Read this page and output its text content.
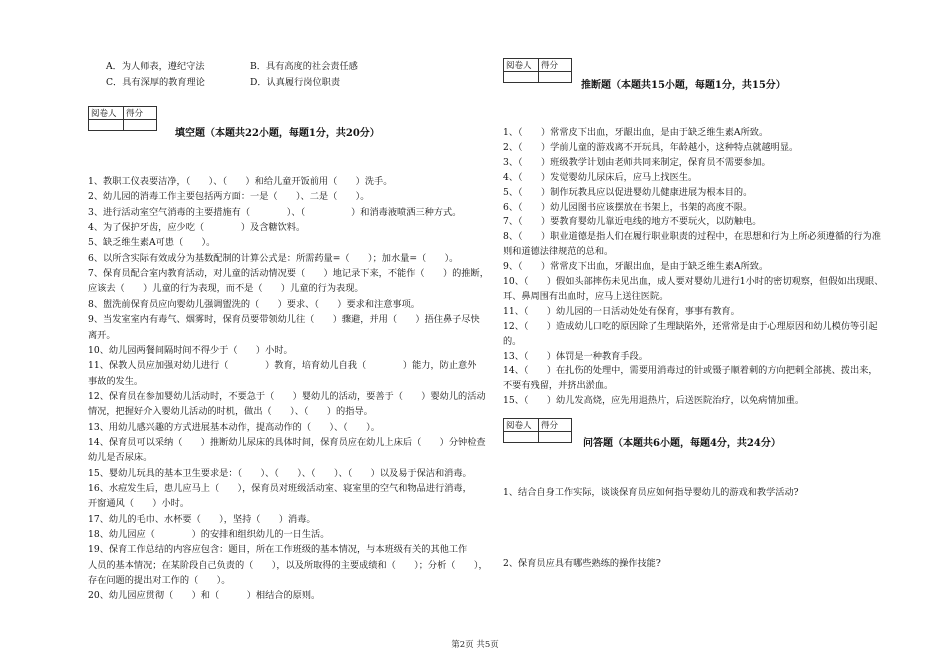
A．为人师表，遵纪守法	B．具有高度的社会责任感
C．具有深厚的教育理论	D．认真履行岗位职责
阅卷人	得分

填空题（本题共22小题，每题1分，共20分）
1、教职工仪表要洁净，（　　）、（　　）和给儿童开饭前用（　　）洗手。
2、幼儿园的消毒工作主要包括两方面：一是（　　）、二是（　　）。
3、进行活动室空气消毒的主要措施有（　　　　）、（　　　　　）和消毒液喷洒三种方式。
4、为了保护牙齿，应少吃（　　　　）及含糖饮料。
5、缺乏维生素A可患（　　）。
6、以所含实际有效成分为基数配制的计算公式是：所需药量=（　　）；加水量=（　　）。
7、保育员配合室内教育活动，对儿童的活动情况要（　　）地记录下来，不能作（　　）的推断，
应该去（　　）儿童的行为表现，而不是（　　）儿童的行为表现。
8、盥洗前保育员应向婴幼儿强调盥洗的（　　）要求、（　　）要求和注意事项。
9、当发室室内有毒气、烟雾时，保育员要带领幼儿往（　　）骤避，并用（　　）捂住鼻子尽快
离开。
10、幼儿园两餐间隔时间不得少于（　　）小时。
11、保教人员应加强对幼儿进行（　　　　）教育，培育幼儿自我（　　　　）能力，防止意外
事故的发生。
12、保育员在参加婴幼儿活动时，不要急于（　　）婴幼儿的活动，要善于（　　）婴幼儿的活动
情况，把握好介入婴幼儿活动的时机，做出（　　）、（　　）的指导。
13、用幼儿感兴趣的方式进展基本动作，提高动作的（　　）、（　　）。
14、保育员可以采纳（　　）推断幼儿尿床的具体时间，保育员应在幼儿上床后（　　）分钟检查
幼儿是否尿床。
15、婴幼儿玩具的基本卫生要求是：（　　）、（　　）、（　　）、（　　）以及易于保洁和消毒。
16、水痘发生后，患儿应马上（　　），保育员对班级活动室、寝室里的空气和物品进行消毒，
开窗通风（　　）小时。
17、幼儿的毛巾、水杯要（　　），坚持（　　）消毒。
18、幼儿园应（　　　　）的安排和组织幼儿的一日生活。
19、保育工作总结的内容应包含：题目，所在工作班级的基本情况，与本班级有关的其他工作
人员的基本情况；在某阶段自己负责的（　　），以及所取得的主要成绩和（　　）；分析（　　），
存在问题的提出对工作的（　　）。
20、幼儿园应贯彻（　　）和（　　　）相结合的原则。
阅卷人	得分

推断题（本题共15小题，每题1分，共15分）
1、（　　）常常皮下出血，牙龈出血，是由于缺乏维生素A所致。
2、（　　）学前儿童的游戏离不开玩具，年龄越小，这种特点就越明显。
3、（　　）班级教学计划由老师共同来制定，保育员不需要参加。
4、（　　）发觉婴幼儿尿床后，应马上找医生。
5、（　　）制作玩教具应以促进婴幼儿健康进展为根本目的。
6、（　　）幼儿园图书应该摆放在书架上，书架的高度不限。
7、（　　）要教育婴幼儿靠近电线的地方不要玩火，以防触电。
8、（　　）职业道德是指人们在履行职业职责的过程中，在思想和行为上所必须遵循的行为准
则和道德法律规范的总和。
9、（　　）常常皮下出血，牙龈出血，是由于缺乏维生素A所致。
10、（　　）假如头部摔伤未见出血，成人要对婴幼儿进行1小时的密切观察，但假如出现眼、
耳、鼻周围有出血时，应马上送往医院。
11、（　　）幼儿园的一日活动处处有保育，事事有教育。
12、（　　）造成幼儿口吃的原因除了生理缺陷外，还常常是由于心理原因和幼儿模仿等引起
的。
13、（　　）体罚是一种教育手段。
14、（　　）在扎伤的处理中，需要用消毒过的针或镊子顺着刺的方向把刺全部挑、拨出来，
不要有残留，并挤出淤血。
15、（　　）幼儿发高烧，应先用退热片，后送医院治疗，以免病情加重。
阅卷人	得分

问答题（本题共6小题，每题4分，共24分）
1、结合自身工作实际，谈谈保育员应如何指导婴幼儿的游戏和教学活动?
2、保育员应具有哪些熟练的操作技能?
第2页 共5页
